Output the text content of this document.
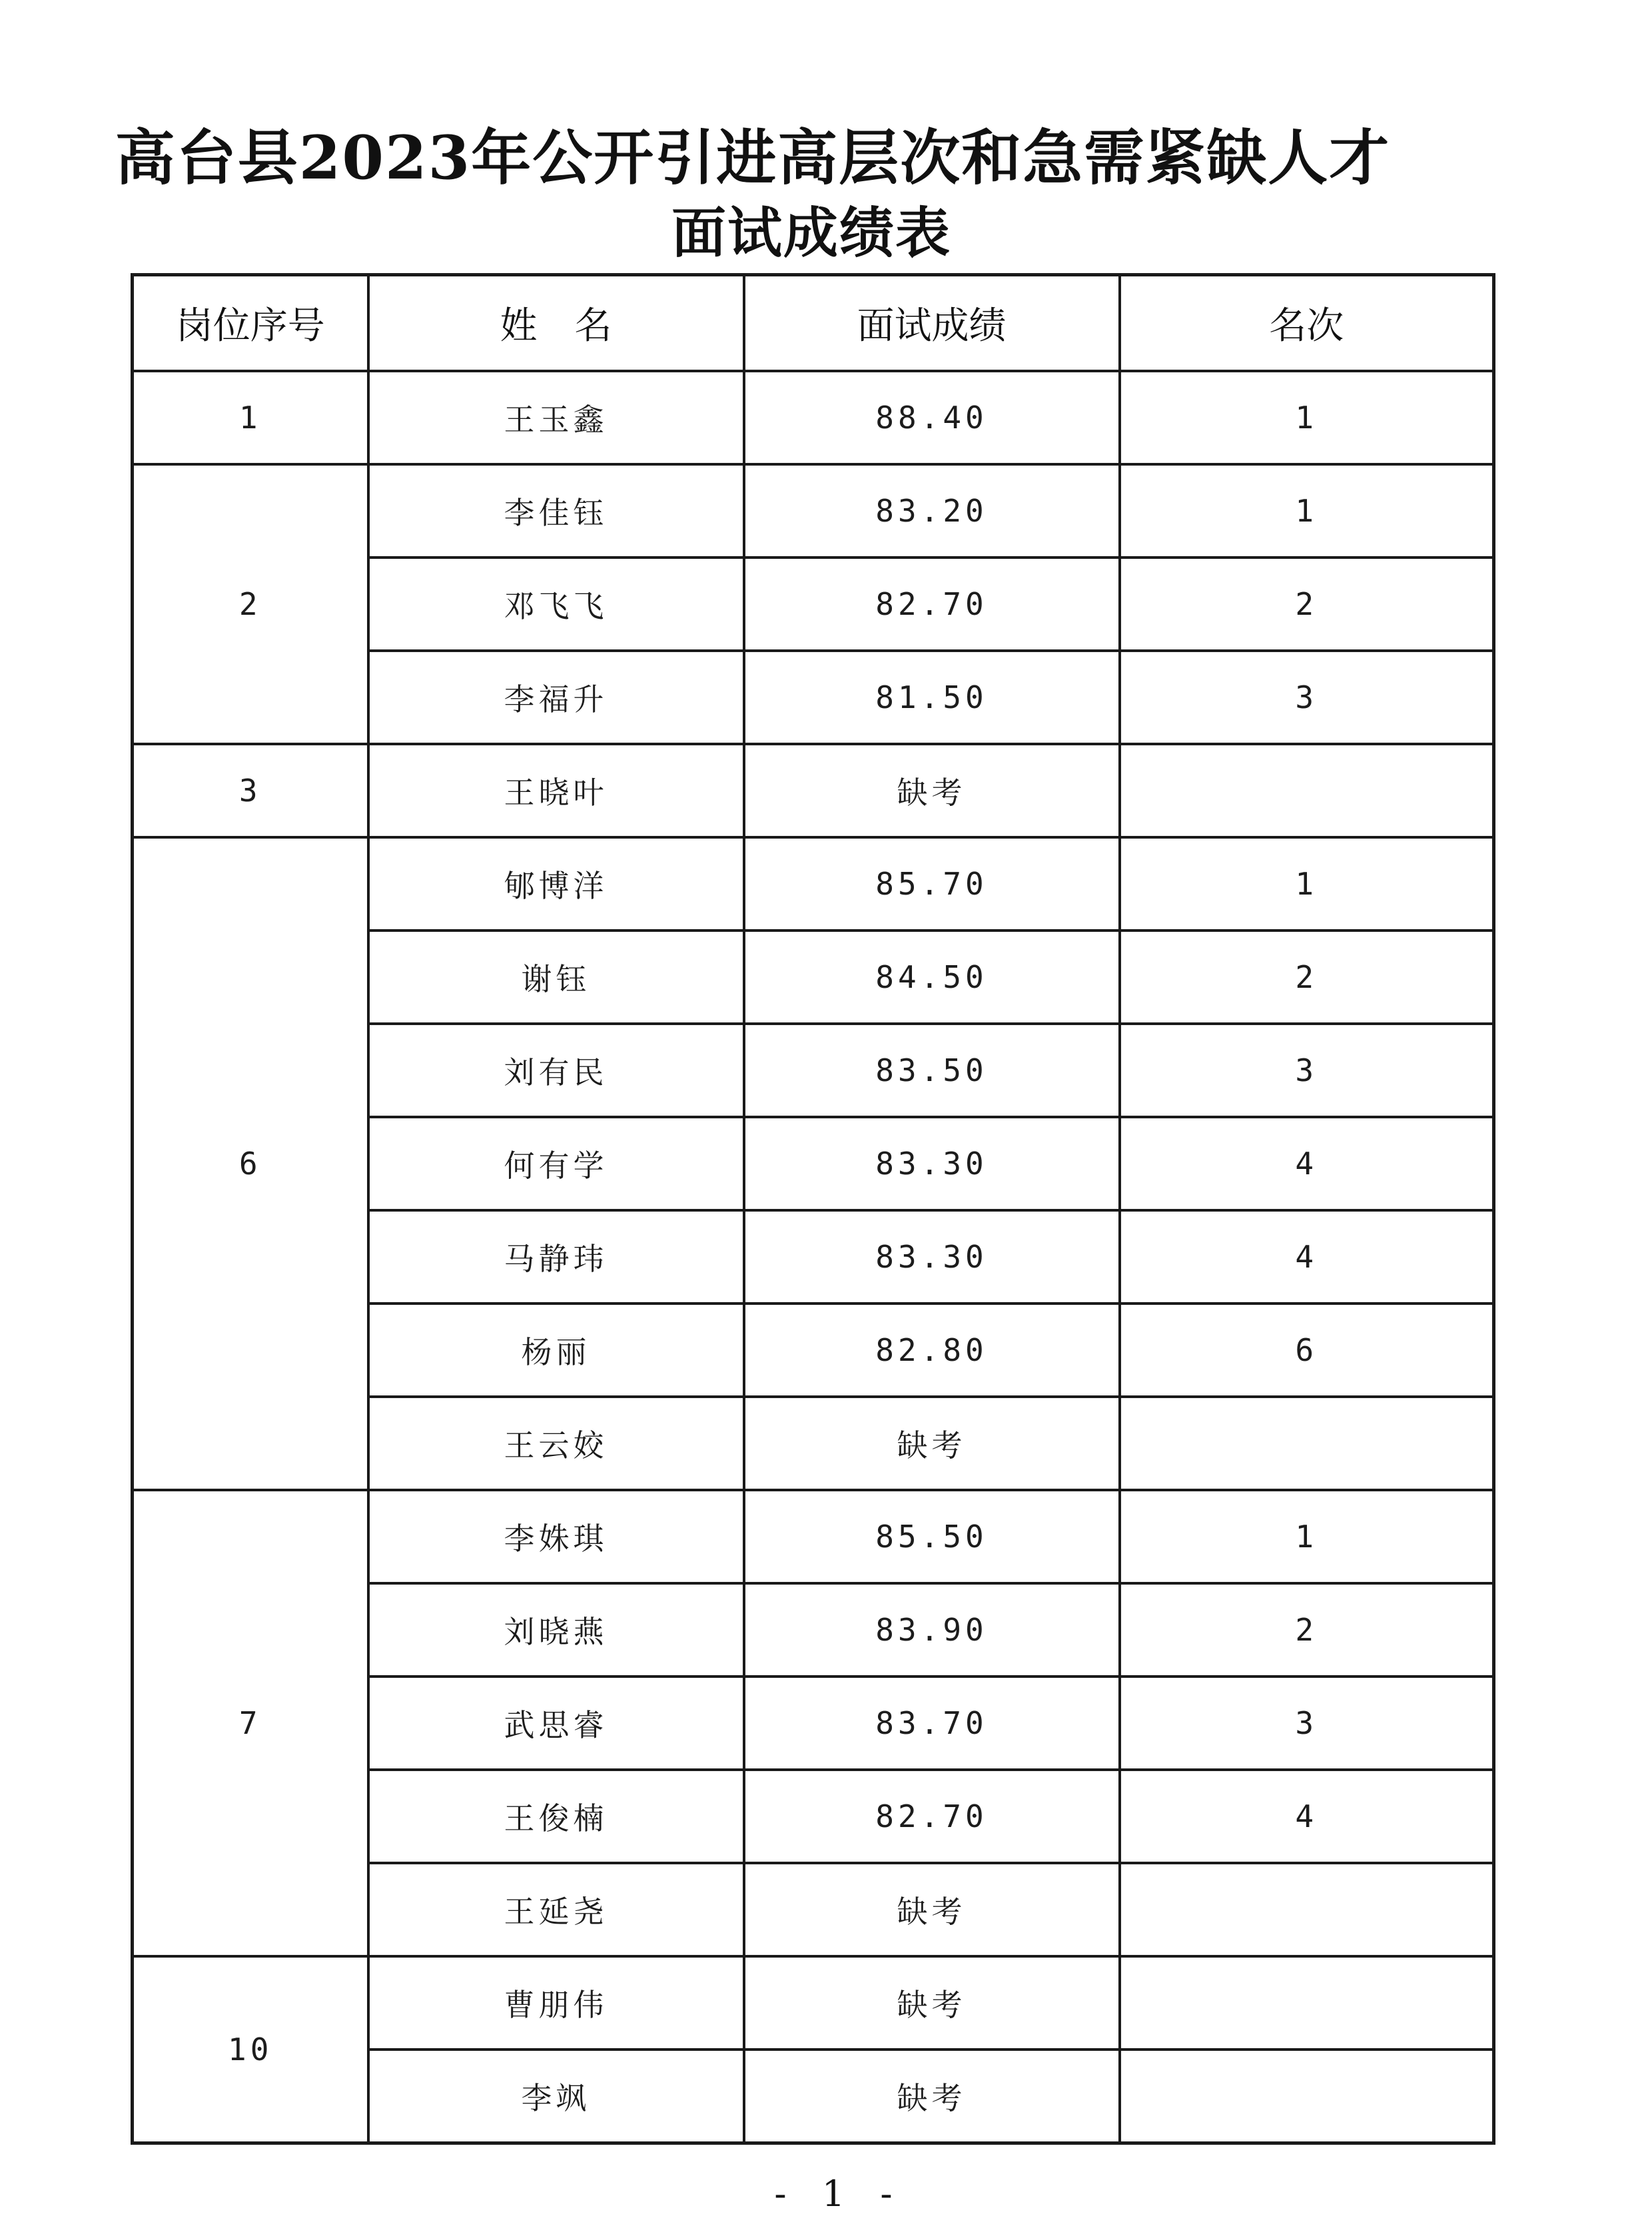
高台县2023年公开引进高层次和急需紧缺人才
面试成绩表
岗位序号	姓　名	面试成绩	名次
1	王玉鑫	88.40	1
2	李佳钰	83.20	1
	邓飞飞	82.70	2
	李福升	81.50	3
3	王晓叶	缺考	
6	郇博洋	85.70	1
	谢钰	84.50	2
	刘有民	83.50	3
	何有学	83.30	4
	马静玮	83.30	4
	杨丽	82.80	6
	王云姣	缺考	
7	李姝琪	85.50	1
	刘晓燕	83.90	2
	武思睿	83.70	3
	王俊楠	82.70	4
	王延尧	缺考	
10	曹朋伟	缺考	
	李飒	缺考	
- 1 -
